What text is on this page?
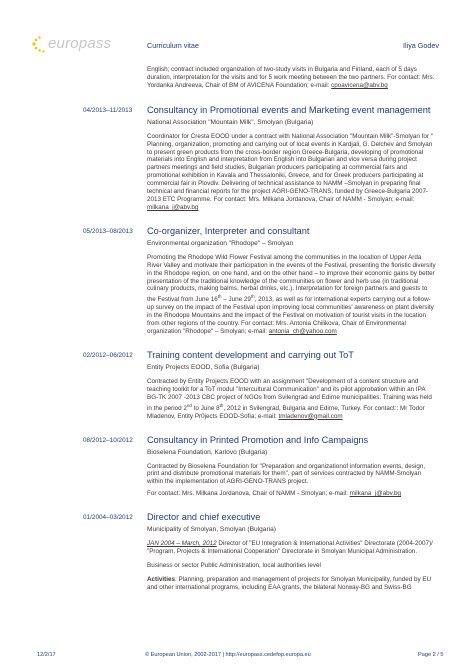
europass	Curriculum vitae	Iliya Godev
English; contract included organization of two-study visits in Bulgaria and Finland, each of 5 days duration, interpretation for the visits and for 5 work meeting between the two partners. For contact: Mrs. Yordanka Andreeva, Chair of BM of AVICENA Foundation; e-mail: cpoavicena@abv.bg
04/2013–11/2013	Consultancy in Promotional events and Marketing event management
National Association "Mountain Milk", Smolyan (Bulgaria)
Coordinator for Cresta EOOD under a contract with National Association "Mountain Milk"-Smolyan for " Planning, organization, promoting and carrying out of local events in Kardjali, G. Delchev and Smolyan to present green products from the cross-border region Greece-Bulgaria, developing of promotional materials into English and interpretation from English into Bulgarian and vice versa during project partners meetings and field studies, Bulgarian producers participating at commercial fairs and promotional exhibition in Kavala and Thessaloniki, Greece, and for Greek producers participating at commercial fair in Plovdiv. Delivering of technical assistance to NAMM –Smolyan in preparing final technical and financial reports for the project AGRI-GENO-TRANS, funded by Greece-Bulgaria 2007-2013 ETC Programme. For contact: Mrs. Milkana Jordanova, Chair of NAMM - Smolyan; e-mail: milkana_j@abv.bg
05/2013–08/2013	Co-organizer, Interpreter and consultant
Environmental organization "Rhodope" – Smolyan
Promoting the Rhodope Wild Flower Festival among the communities in the location of Upper Arda River Valley and motivate their participation in the events of the Festival, presenting the floristic diversity in the Rhodope region, on one hand, and on the other hand – to improve their economic gains by better presentation of the traditional knowledge of the communities on flower and herb use (in traditional culinary products, making balms, herbal drinks, etc.). Interpretation for foreign partners and guests to the Festival from June 16th – June 29th, 2013, as well as for international experts carrying out a follow-up survey on the impact of the Festival upon improving local communities' awareness on plant diversity in the Rhodope Mountains and the impact of the Festival on motivation of tourist visits in the location from other regions of the country. For contact: Mrs. Antonia Chilikova, Chair of Environmental organization "Rhodope" – Smolyan; e-mail: antonia_ch@yahoo.com
02/2012–06/2012	Training content development and carrying out ToT
Entity Projects EOOD, Sofia (Bulgaria)
Contracted by Entity Projects EOOD with an assignment "Development of a content structure and teaching toolkit for a ToT modul "Intercultural Communication" and its pilot approbation within an IPA BG-TK 2007 -2013 CBC project of NGOs from Svilengrad and Edirne municipalities. Training was held in the period 2nd to June 8th, 2012 in Svilengrad, Bulgaria and Edirne, Turkey. For contact:: Mr Todor Mladenov, Entity Pr0jects EOOD-Sofia; e-mail: tmladenov@gmail.com
08/2012–10/2012	Consultancy in Printed Promotion and Info Campaigns
Bioselena Foundation, Karlovo (Bulgaria)
Contracted by Bioselena Foundation for "Preparation and organizationof information events, design, print and distribute promotional materials for them", part of services contracted by NAMM-Smolyan within the implementation of AGRI-GENO-TRANS project.
For contact: Mrs. Milkana Jordanova, Chair of NAMM - Smolyan; e-mail: milkana_j@abv.bg
01/2004–03/2012	Director and chief executive
Municipality of Smolyan, Smolyan (Bulgaria)
JAN 2004 – March, 2012 Director of "EU Integration & International Activities" Directorate (2004-2007)/ "Program, Projects & International Cooperation" Directorate in Smolyan Municipal Administration.
Business or sector Public Administration, local authorities level
Activities: Planning, preparation and management of projects for Smolyan Municipality, funded by EU and other international programs, including EAA grants, the bilateral Norway-BG and Swiss-BG
12/2/17	© European Union, 2002-2017 | http://europass.cedefop.europa.eu	Page 2 / 5
